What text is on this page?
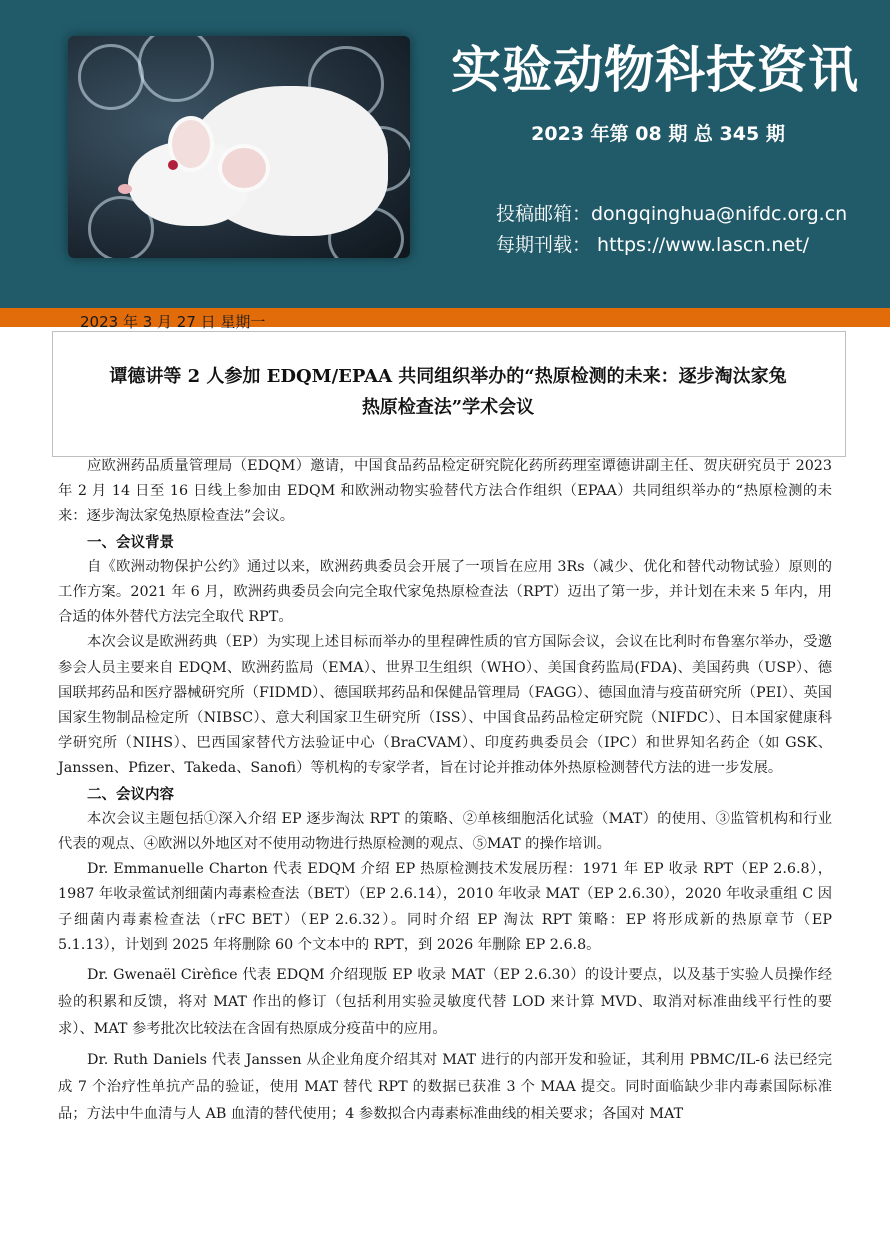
实验动物科技资讯
2023 年第 08 期 总 345 期
投稿邮箱：dongqinghua@nifdc.org.cn
每期刊载： https://www.lascn.net/
2023 年 3 月 27 日 星期一
谭德讲等 2 人参加 EDQM/EPAA 共同组织举办的“热原检测的未来：逐步淘汰家兔
热原检查法”学术会议

应欧洲药品质量管理局（EDQM）邀请，中国食品药品检定研究院化药所药理室谭德讲副主任、贺庆研究员于 2023 年 2 月 14 日至 16 日线上参加由 EDQM 和欧洲动物实验替代方法合作组织（EPAA）共同组织举办的“热原检测的未来：逐步淘汰家兔热原检查法”会议。

一、会议背景

自《欧洲动物保护公约》通过以来，欧洲药典委员会开展了一项旨在应用 3Rs（减少、优化和替代动物试验）原则的工作方案。2021 年 6 月，欧洲药典委员会向完全取代家兔热原检查法（RPT）迈出了第一步，并计划在未来 5 年内，用合适的体外替代方法完全取代 RPT。

本次会议是欧洲药典（EP）为实现上述目标而举办的里程碑性质的官方国际会议，会议在比利时布鲁塞尔举办，受邀参会人员主要来自 EDQM、欧洲药监局（EMA）、世界卫生组织（WHO）、美国食药监局(FDA)、美国药典（USP）、德国联邦药品和医疗器械研究所（FIDMD）、德国联邦药品和保健品管理局（FAGG）、德国血清与疫苗研究所（PEI）、英国国家生物制品检定所（NIBSC）、意大利国家卫生研究所（ISS）、中国食品药品检定研究院（NIFDC）、日本国家健康科学研究所（NIHS）、巴西国家替代方法验证中心（BraCVAM）、印度药典委员会（IPC）和世界知名药企（如 GSK、Janssen、Pfizer、Takeda、Sanofi）等机构的专家学者，旨在讨论并推动体外热原检测替代方法的进一步发展。

二、会议内容

本次会议主题包括①深入介绍 EP 逐步淘汰 RPT 的策略、②单核细胞活化试验（MAT）的使用、③监管机构和行业代表的观点、④欧洲以外地区对不使用动物进行热原检测的观点、⑤MAT 的操作培训。

Dr. Emmanuelle Charton 代表 EDQM 介绍 EP 热原检测技术发展历程：1971 年 EP 收录 RPT（EP 2.6.8），1987 年收录鲎试剂细菌内毒素检查法（BET）（EP 2.6.14），2010 年收录 MAT（EP 2.6.30），2020 年收录重组 C 因子细菌内毒素检查法（rFC BET）（EP 2.6.32）。同时介绍 EP 淘汰 RPT 策略：EP 将形成新的热原章节（EP 5.1.13），计划到 2025 年将删除 60 个文本中的 RPT，到 2026 年删除 EP 2.6.8。

Dr. Gwenaël Cirèfice 代表 EDQM 介绍现版 EP 收录 MAT（EP 2.6.30）的设计要点，以及基于实验人员操作经验的积累和反馈，将对 MAT 作出的修订（包括利用实验灵敏度代替 LOD 来计算 MVD、取消对标准曲线平行性的要求）、MAT 参考批次比较法在含固有热原成分疫苗中的应用。

Dr. Ruth Daniels 代表 Janssen 从企业角度介绍其对 MAT 进行的内部开发和验证，其利用 PBMC/IL-6 法已经完成 7 个治疗性单抗产品的验证，使用 MAT 替代 RPT 的数据已获准 3 个 MAA 提交。同时面临缺少非内毒素国际标准品；方法中牛血清与人 AB 血清的替代使用；4 参数拟合内毒素标准曲线的相关要求；各国对 MAT
